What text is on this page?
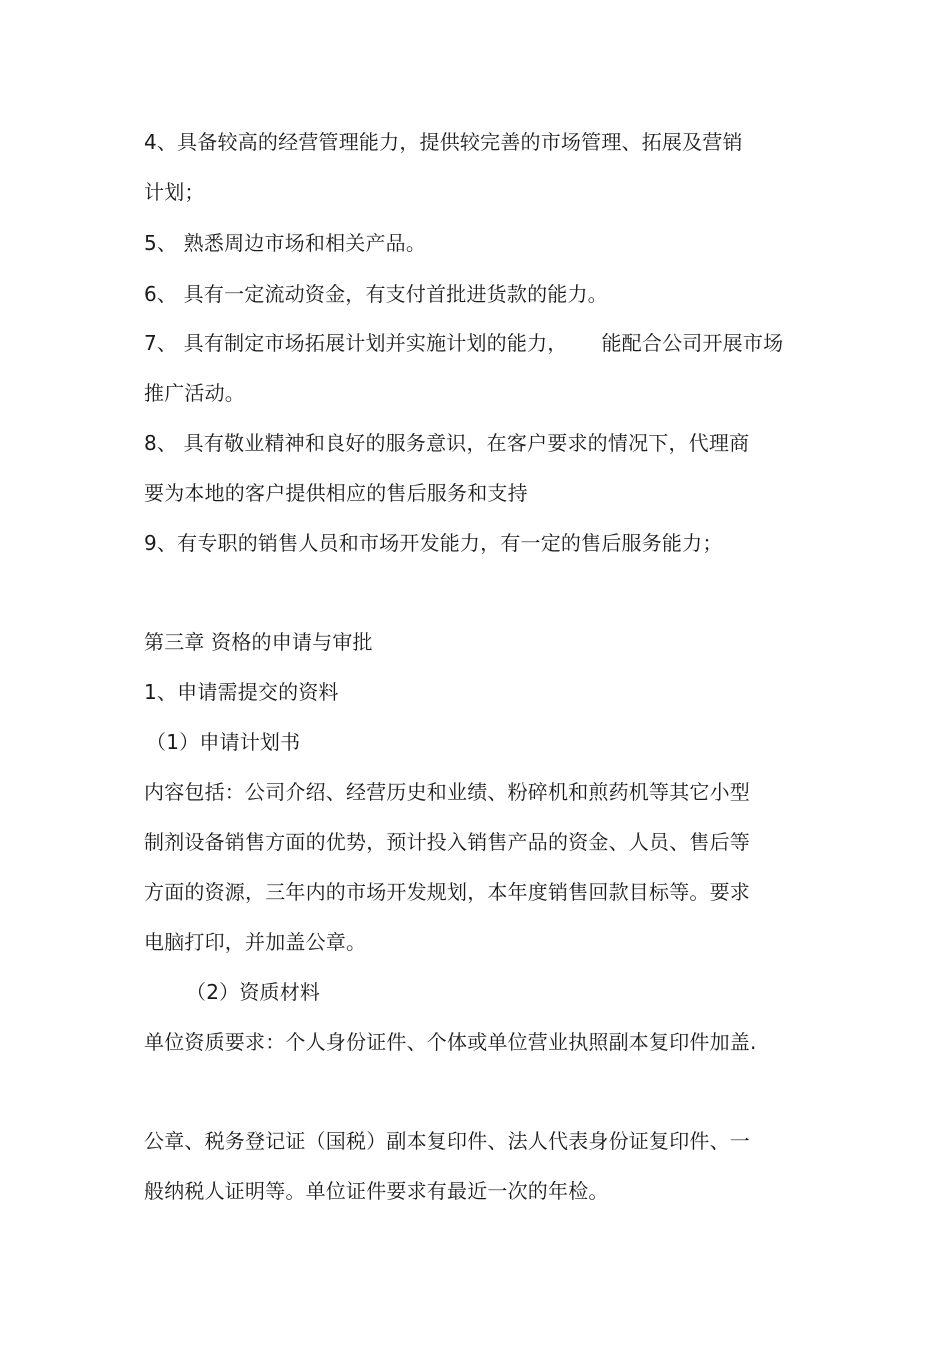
4、具备较高的经营管理能力，提供较完善的市场管理、拓展及营销
计划；
5、 熟悉周边市场和相关产品。
6、 具有一定流动资金，有支付首批进货款的能力。
7、 具有制定市场拓展计划并实施计划的能力， 能配合公司开展市场
推广活动。
8、 具有敬业精神和良好的服务意识，在客户要求的情况下，代理商
要为本地的客户提供相应的售后服务和支持
9、有专职的销售人员和市场开发能力，有一定的售后服务能力；
第三章 资格的申请与审批
1、申请需提交的资料
（1）申请计划书
内容包括：公司介绍、经营历史和业绩、粉碎机和煎药机等其它小型
制剂设备销售方面的优势，预计投入销售产品的资金、人员、售后等
方面的资源，三年内的市场开发规划，本年度销售回款目标等。要求
电脑打印，并加盖公章。
（2）资质材料
单位资质要求：个人身份证件、个体或单位营业执照副本复印件加盖.
公章、税务登记证（国税）副本复印件、法人代表身份证复印件、一
般纳税人证明等。单位证件要求有最近一次的年检。
